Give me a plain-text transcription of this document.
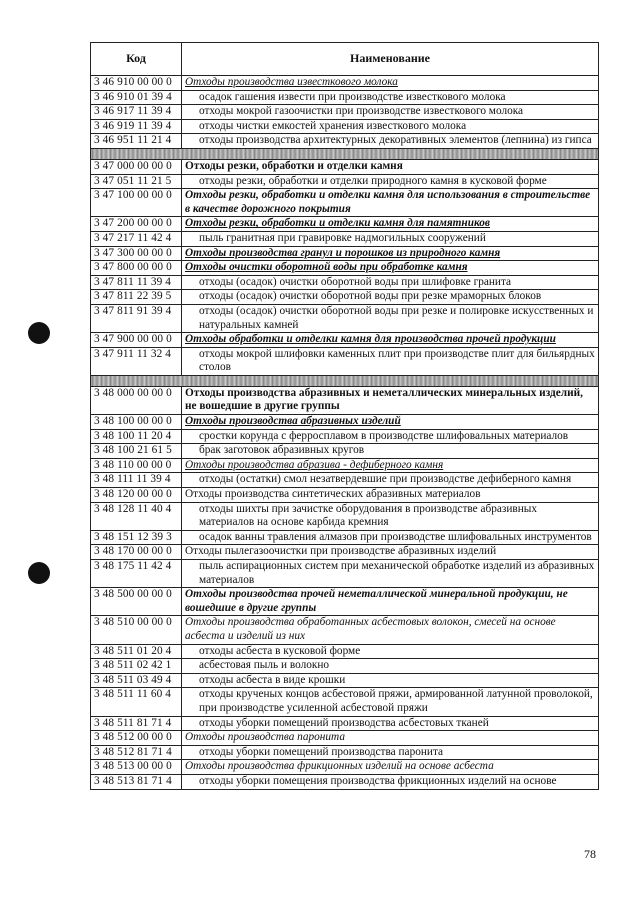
Код	Наименование
3 46 910 00 00 0	Отходы производства известкового молока

3 46 910 01 39 4	осадок гашения извести при производстве известкового молока

3 46 917 11 39 4	отходы мокрой газоочистки при производстве известкового молока

3 46 919 11 39 4	отходы чистки емкостей хранения известкового молока

3 46 951 11 21 4	отходы производства архитектурных декоративных элементов (лепнина) из гипса

3 47 000 00 00 0	Отходы резки, обработки и отделки камня

3 47 051 11 21 5	отходы резки, обработки и отделки природного камня в кусковой форме

3 47 100 00 00 0	Отходы резки, обработки и отделки камня для использования в строительстве в качестве дорожного покрытия

3 47 200 00 00 0	Отходы резки, обработки и отделки камня для памятников

3 47 217 11 42 4	пыль гранитная при гравировке надмогильных сооружений

3 47 300 00 00 0	Отходы производства гранул и порошков из природного камня

3 47 800 00 00 0	Отходы очистки оборотной воды при обработке камня

3 47 811 11 39 4	отходы (осадок) очистки оборотной воды при шлифовке гранита

3 47 811 22 39 5	отходы (осадок) очистки оборотной воды при резке мраморных блоков

3 47 811 91 39 4	отходы (осадок) очистки оборотной воды при резке и полировке искусственных и натуральных камней

3 47 900 00 00 0	Отходы обработки и отделки камня для производства прочей продукции

3 47 911 11 32 4	отходы мокрой шлифовки каменных плит при производстве плит для бильярдных столов

3 48 000 00 00 0	Отходы производства абразивных и неметаллических минеральных изделий, не вошедшие в другие группы

3 48 100 00 00 0	Отходы производства абразивных изделий

3 48 100 11 20 4	сростки корунда с ферросплавом в производстве шлифовальных материалов

3 48 100 21 61 5	брак заготовок абразивных кругов

3 48 110 00 00 0	Отходы производства абразива - дефиберного камня

3 48 111 11 39 4	отходы (остатки) смол незатвердевшие при производстве дефиберного камня

3 48 120 00 00 0	Отходы производства синтетических абразивных материалов

3 48 128 11 40 4	отходы шихты при зачистке оборудования в производстве абразивных материалов на основе карбида кремния

3 48 151 12 39 3	осадок ванны травления алмазов при производстве шлифовальных инструментов

3 48 170 00 00 0	Отходы пылегазоочистки при производстве абразивных изделий

3 48 175 11 42 4	пыль аспирационных систем при механической обработке изделий из абразивных материалов

3 48 500 00 00 0	Отходы производства прочей неметаллической минеральной продукции, не вошедшие в другие группы

3 48 510 00 00 0	Отходы производства обработанных асбестовых волокон, смесей на основе асбеста и изделий из них

3 48 511 01 20 4	отходы асбеста в кусковой форме

3 48 511 02 42 1	асбестовая пыль и волокно

3 48 511 03 49 4	отходы асбеста в виде крошки

3 48 511 11 60 4	отходы крученых концов асбестовой пряжи, армированной латунной проволокой, при производстве усиленной асбестовой пряжи

3 48 511 81 71 4	отходы уборки помещений производства асбестовых тканей

3 48 512 00 00 0	Отходы производства паронита

3 48 512 81 71 4	отходы уборки помещений производства паронита

3 48 513 00 00 0	Отходы производства фрикционных изделий на основе асбеста

3 48 513 81 71 4	отходы уборки помещения производства фрикционных изделий на основе
78
